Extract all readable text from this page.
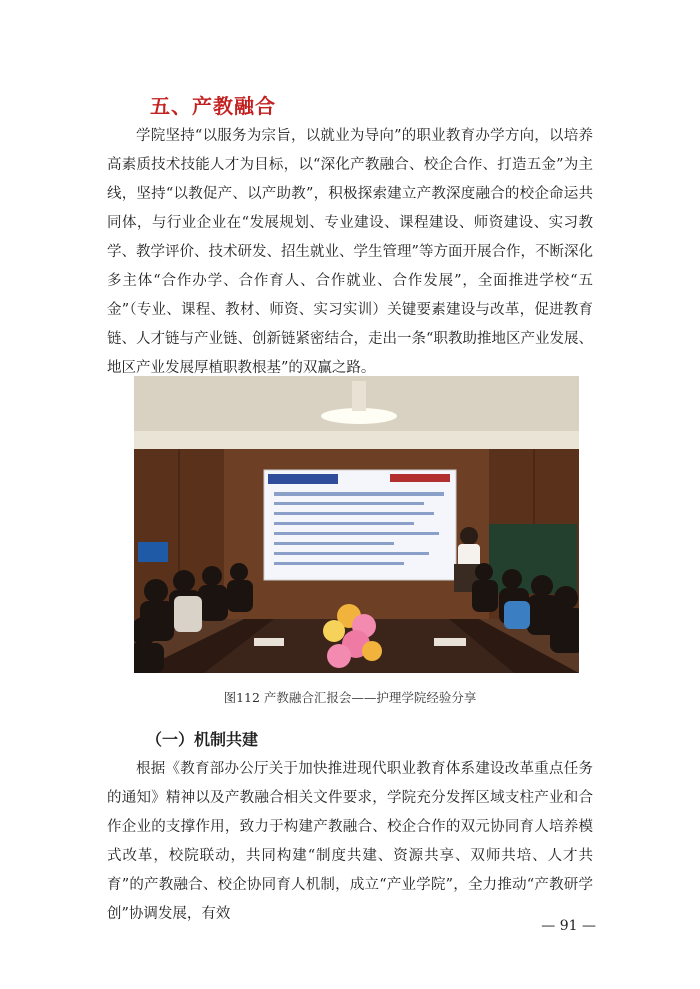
五、产教融合

学院坚持“以服务为宗旨，以就业为导向”的职业教育办学方向，以培养高素质技术技能人才为目标，以“深化产教融合、校企合作、打造五金”为主线，坚持“以教促产、以产助教”，积极探索建立产教深度融合的校企命运共同体，与行业企业在“发展规划、专业建设、课程建设、师资建设、实习教学、教学评价、技术研发、招生就业、学生管理”等方面开展合作，不断深化多主体“合作办学、合作育人、合作就业、合作发展”，全面推进学校“五金”（专业、课程、教材、师资、实习实训）关键要素建设与改革，促进教育链、人才链与产业链、创新链紧密结合，走出一条“职教助推地区产业发展、地区产业发展厚植职教根基”的双赢之路。

图112 产教融合汇报会——护理学院经验分享
（一）机制共建

根据《教育部办公厅关于加快推进现代职业教育体系建设改革重点任务的通知》精神以及产教融合相关文件要求，学院充分发挥区域支柱产业和合作企业的支撑作用，致力于构建产教融合、校企合作的双元协同育人培养模式改革，校院联动，共同构建“制度共建、资源共享、双师共培、人才共育”的产教融合、校企协同育人机制，成立“产业学院”，全力推动“产教研学创”协调发展，有效

— 91 —
